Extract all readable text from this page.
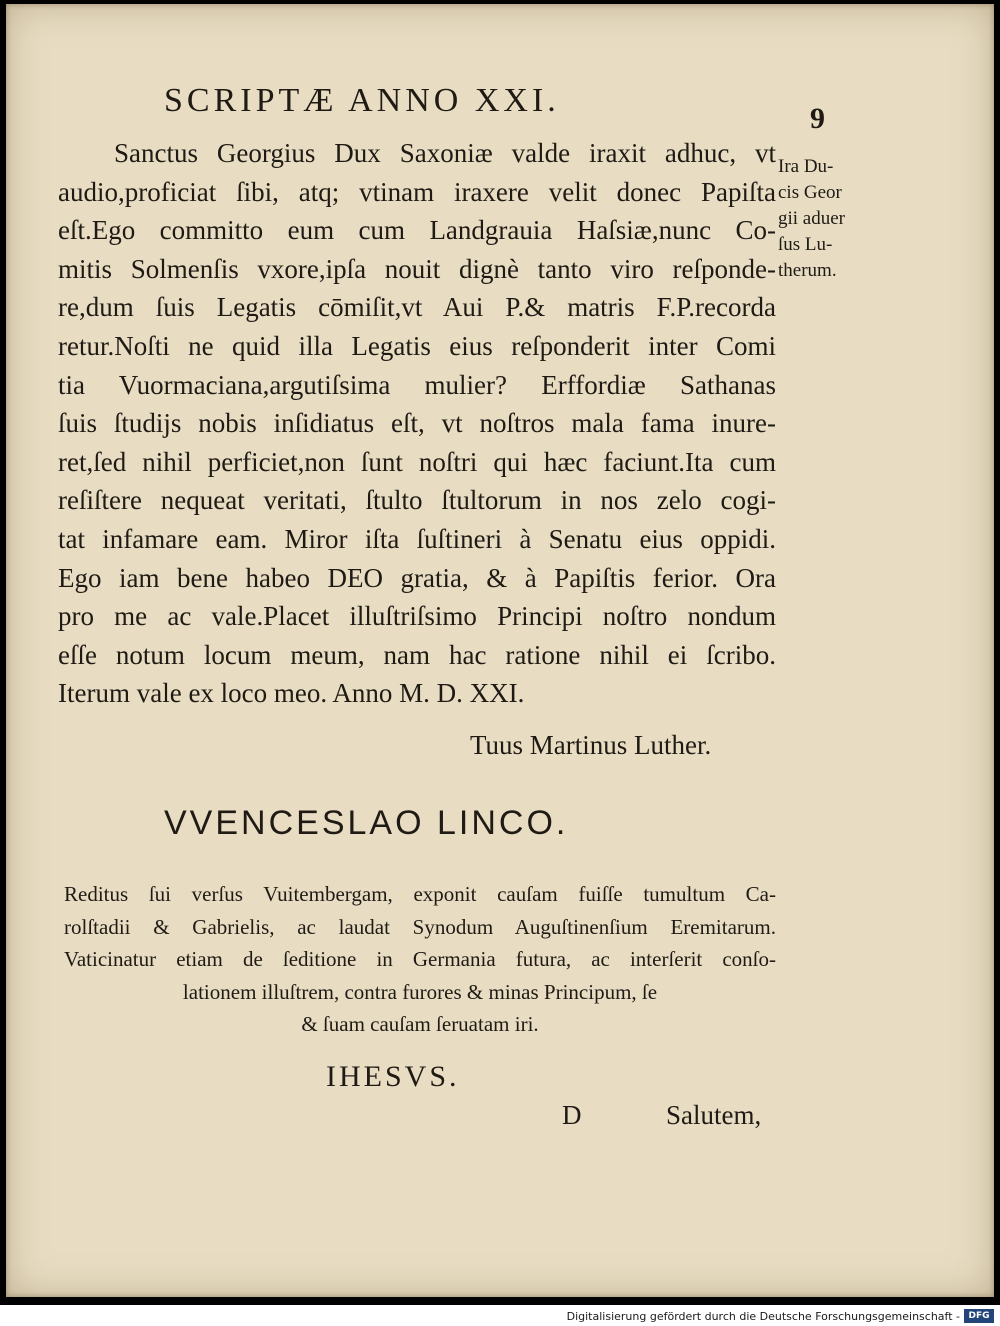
SCRIPTÆ ANNO XXI.	9
Ira Du-
cis Geor
gii aduer
ſus Lu-
therum.
Sanctus Georgius Dux Saxoniæ valde iraxit adhuc, vt
audio,proficiat ſibi, atq; vtinam iraxere velit donec Papiſta
eſt.Ego committo eum cum Landgrauia Haſsiæ,nunc Co-
mitis Solmenſis vxore,ipſa nouit dignè tanto viro reſponde-
re,dum ſuis Legatis cōmiſit,vt Aui P.& matris F.P.recorda
retur.Noſti ne quid illa Legatis eius reſponderit inter Comi
tia Vuormaciana,argutiſsima mulier? Erffordiæ Sathanas
ſuis ſtudijs nobis inſidiatus eſt, vt noſtros mala fama inure-
ret,ſed nihil perficiet,non ſunt noſtri qui hæc faciunt.Ita cum
reſiſtere nequeat veritati, ſtulto ſtultorum in nos zelo cogi-
tat infamare eam. Miror iſta ſuſtineri à Senatu eius oppidi.
Ego iam bene habeo DEO gratia, & à Papiſtis ferior. Ora
pro me ac vale.Placet illuſtriſsimo Principi noſtro nondum
eſſe notum locum meum, nam hac ratione nihil ei ſcribo.
Iterum vale ex loco meo. Anno M. D. XXI.
Tuus Martinus Luther.
VVENCESLAO LINCO.
Reditus ſui verſus Vuitembergam, exponit cauſam fuiſſe tumultum Ca-
rolſtadii & Gabrielis, ac laudat Synodum Auguſtinenſium Eremitarum.
Vaticinatur etiam de ſeditione in Germania futura, ac interſerit conſo-
lationem illuſtrem, contra furores & minas Principum, ſe
& ſuam cauſam ſeruatam iri.
IHESVS.
D	Salutem,
Digitalisierung gefördert durch die Deutsche Forschungsgemeinschaft - DFG
